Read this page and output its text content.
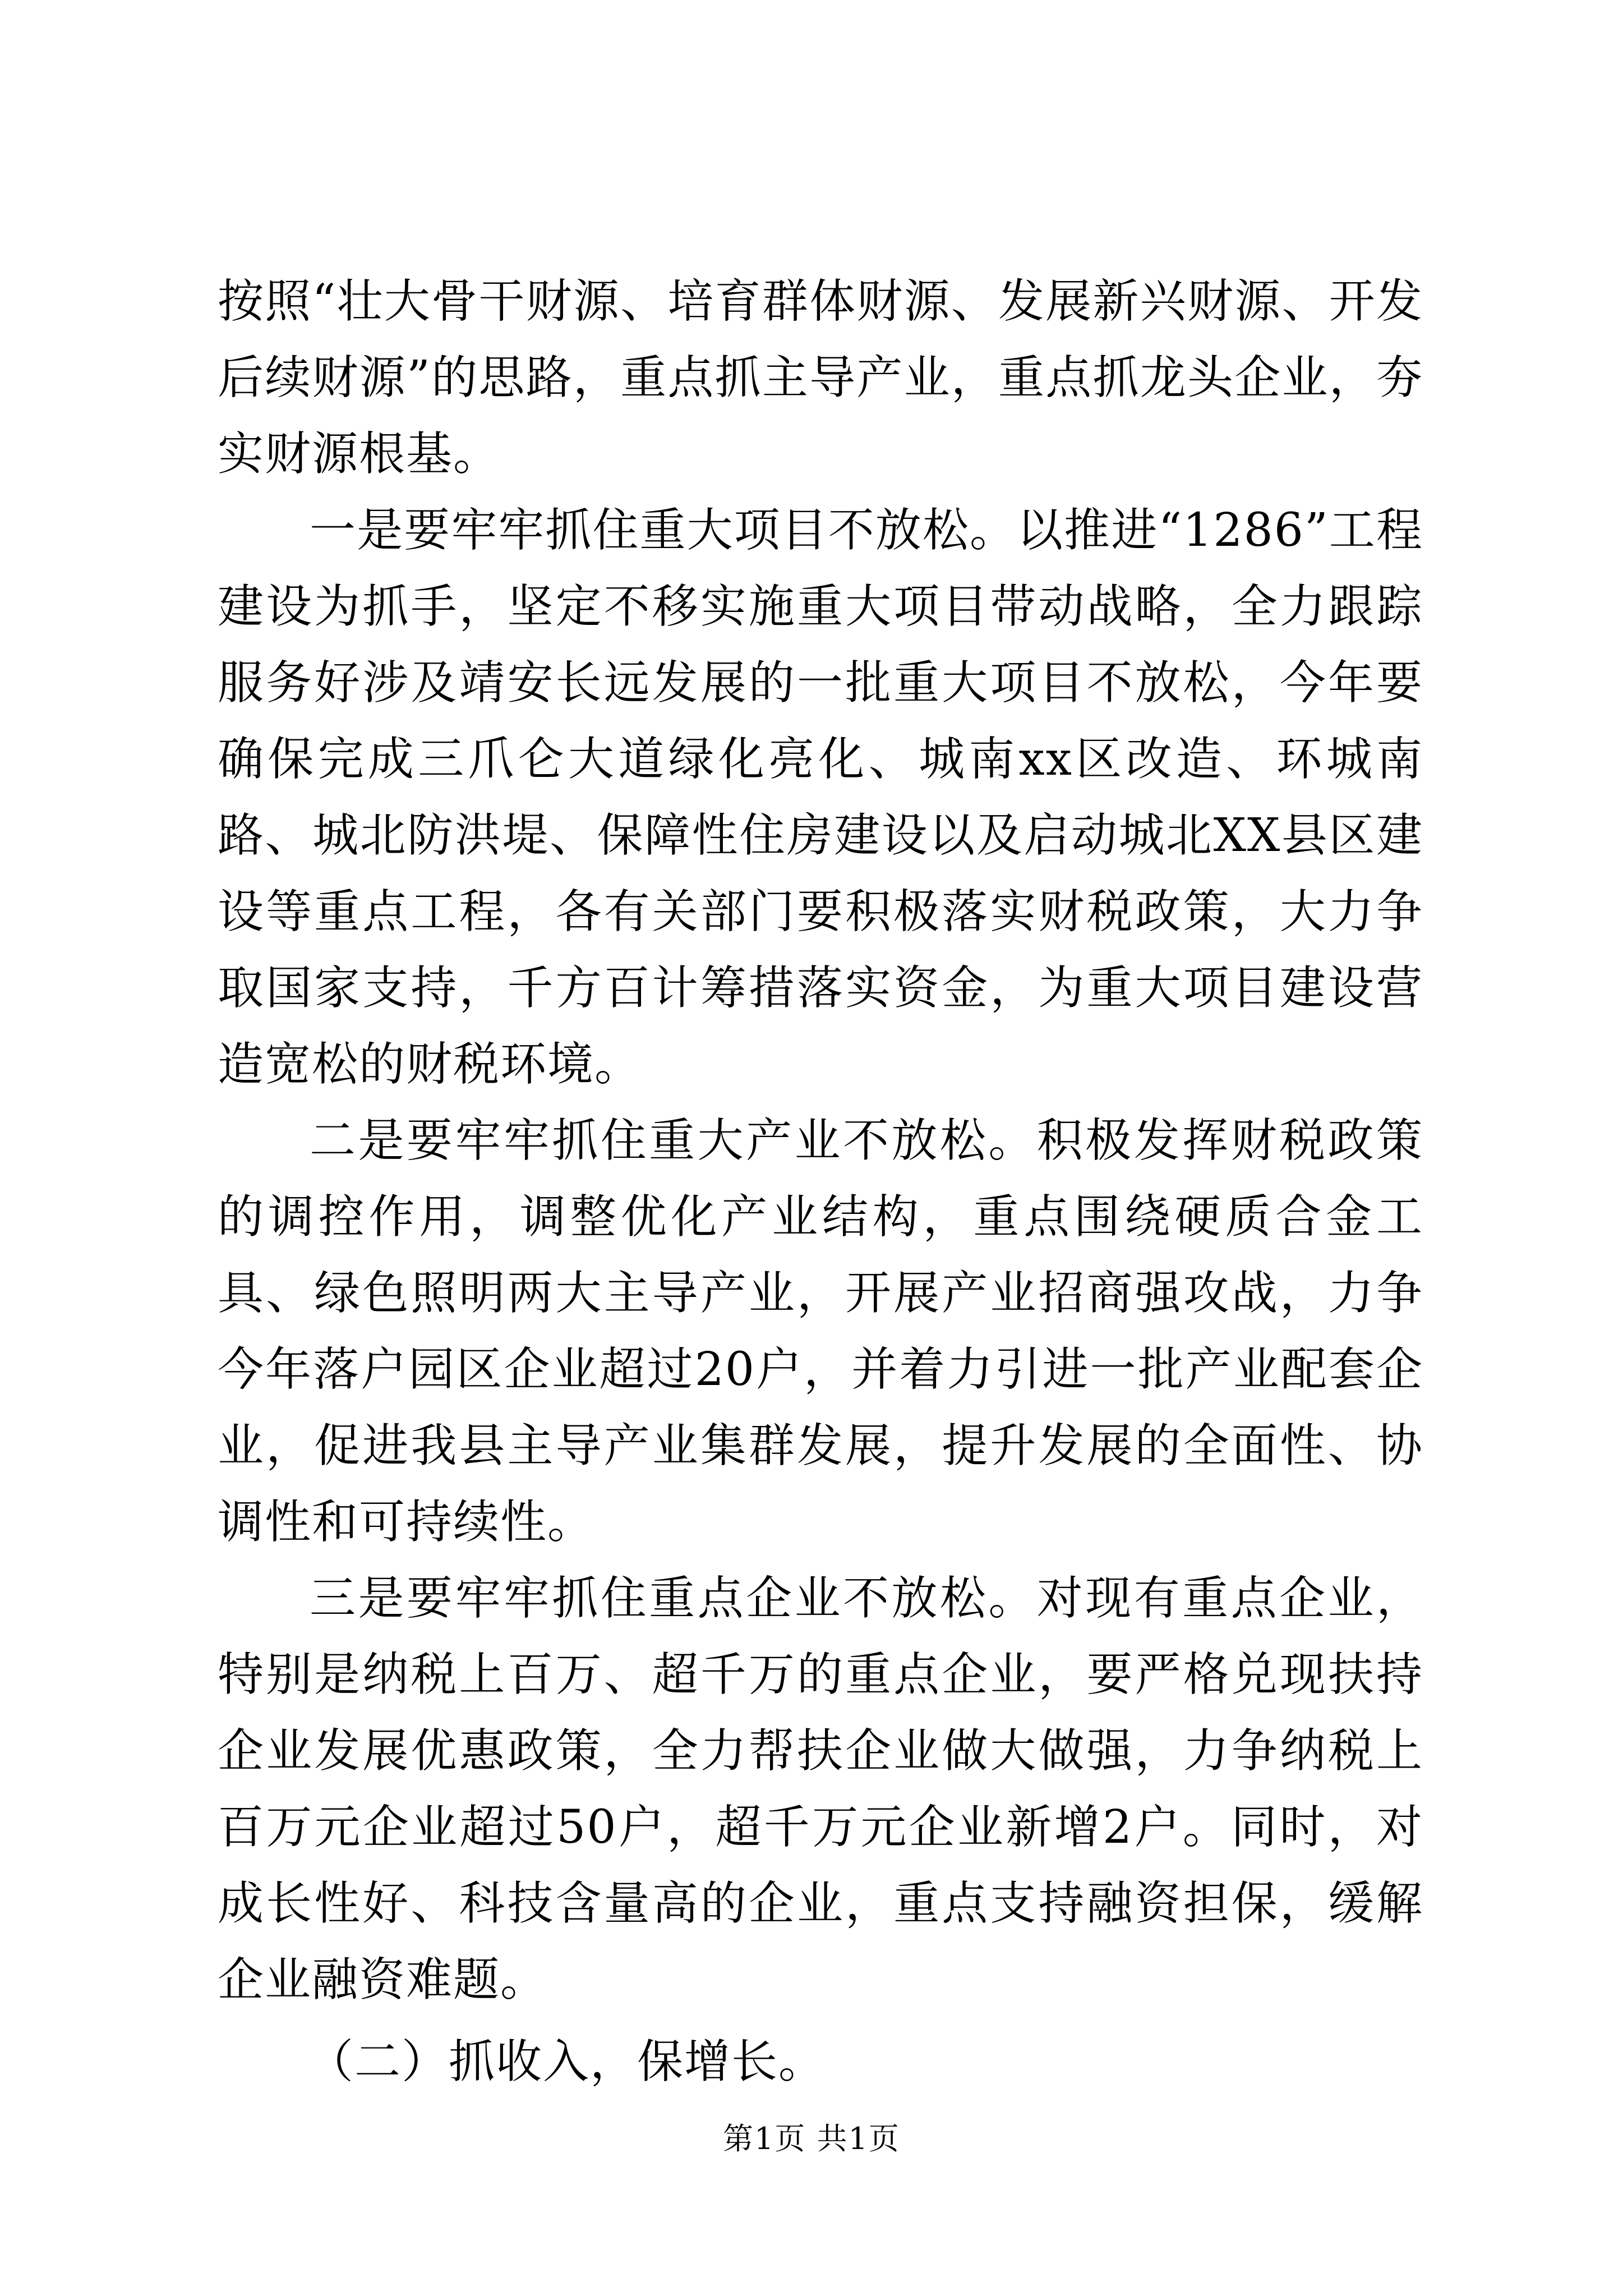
按照“壮大骨干财源、培育群体财源、发展新兴财源、开发后续财源”的思路，重点抓主导产业，重点抓龙头企业，夯实财源根基。

一是要牢牢抓住重大项目不放松。以推进“1286”工程建设为抓手，坚定不移实施重大项目带动战略，全力跟踪服务好涉及靖安长远发展的一批重大项目不放松，今年要确保完成三爪仑大道绿化亮化、城南xx区改造、环城南路、城北防洪堤、保障性住房建设以及启动城北XX县区建设等重点工程，各有关部门要积极落实财税政策，大力争取国家支持，千方百计筹措落实资金，为重大项目建设营造宽松的财税环境。

二是要牢牢抓住重大产业不放松。积极发挥财税政策的调控作用，调整优化产业结构，重点围绕硬质合金工具、绿色照明两大主导产业，开展产业招商强攻战，力争今年落户园区企业超过20户，并着力引进一批产业配套企业，促进我县主导产业集群发展，提升发展的全面性、协调性和可持续性。

三是要牢牢抓住重点企业不放松。对现有重点企业，特别是纳税上百万、超千万的重点企业，要严格兑现扶持企业发展优惠政策，全力帮扶企业做大做强，力争纳税上百万元企业超过50户，超千万元企业新增2户。同时，对成长性好、科技含量高的企业，重点支持融资担保，缓解企业融资难题。

（二）抓收入，保增长。

第1页 共1页
